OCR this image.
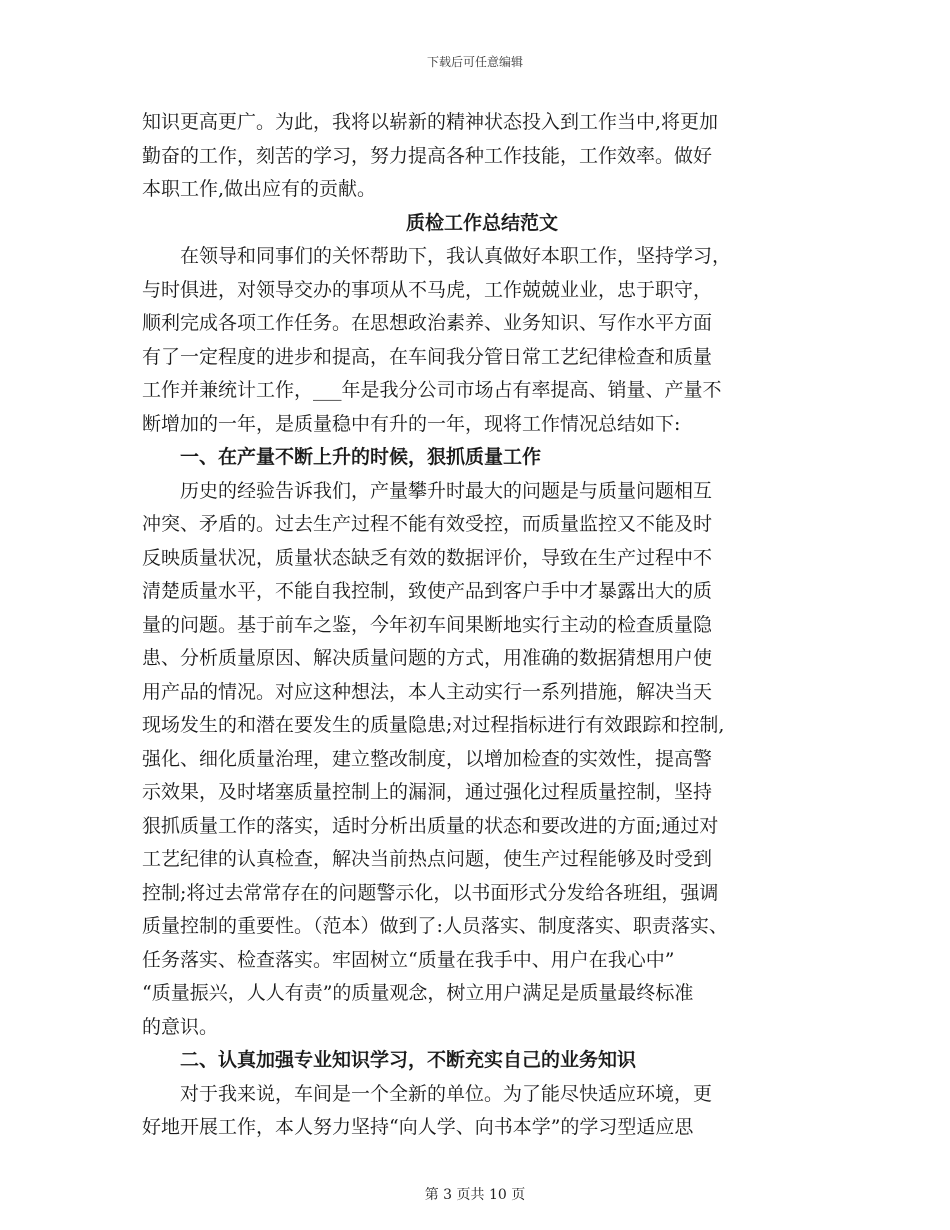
下载后可任意编辑
知识更高更广。为此，我将以崭新的精神状态投入到工作当中,将更加
勤奋的工作，刻苦的学习，努力提高各种工作技能，工作效率。做好
本职工作,做出应有的贡献。
质检工作总结范文
　　在领导和同事们的关怀帮助下，我认真做好本职工作，坚持学习，
与时俱进，对领导交办的事项从不马虎，工作兢兢业业，忠于职守，
顺利完成各项工作任务。在思想政治素养、业务知识、写作水平方面
有了一定程度的进步和提高，在车间我分管日常工艺纪律检查和质量
工作并兼统计工作，___年是我分公司市场占有率提高、销量、产量不
断增加的一年，是质量稳中有升的一年，现将工作情况总结如下:
　　一、在产量不断上升的时候，狠抓质量工作
　　历史的经验告诉我们，产量攀升时最大的问题是与质量问题相互
冲突、矛盾的。过去生产过程不能有效受控，而质量监控又不能及时
反映质量状况，质量状态缺乏有效的数据评价，导致在生产过程中不
清楚质量水平，不能自我控制，致使产品到客户手中才暴露出大的质
量的问题。基于前车之鉴，今年初车间果断地实行主动的检查质量隐
患、分析质量原因、解决质量问题的方式，用准确的数据猜想用户使
用产品的情况。对应这种想法，本人主动实行一系列措施，解决当天
现场发生的和潜在要发生的质量隐患;对过程指标进行有效跟踪和控制,
强化、细化质量治理，建立整改制度，以增加检查的实效性，提高警
示效果，及时堵塞质量控制上的漏洞，通过强化过程质量控制，坚持
狠抓质量工作的落实，适时分析出质量的状态和要改进的方面;通过对
工艺纪律的认真检查，解决当前热点问题，使生产过程能够及时受到
控制;将过去常常存在的问题警示化，以书面形式分发给各班组，强调
质量控制的重要性。（范本）做到了:人员落实、制度落实、职责落实、
任务落实、检查落实。牢固树立“质量在我手中、用户在我心中”
“质量振兴，人人有责”的质量观念，树立用户满足是质量最终标准
的意识。
　　二、认真加强专业知识学习，不断充实自己的业务知识
　　对于我来说，车间是一个全新的单位。为了能尽快适应环境，更
好地开展工作，本人努力坚持“向人学、向书本学”的学习型适应思
第 3 页共 10 页
